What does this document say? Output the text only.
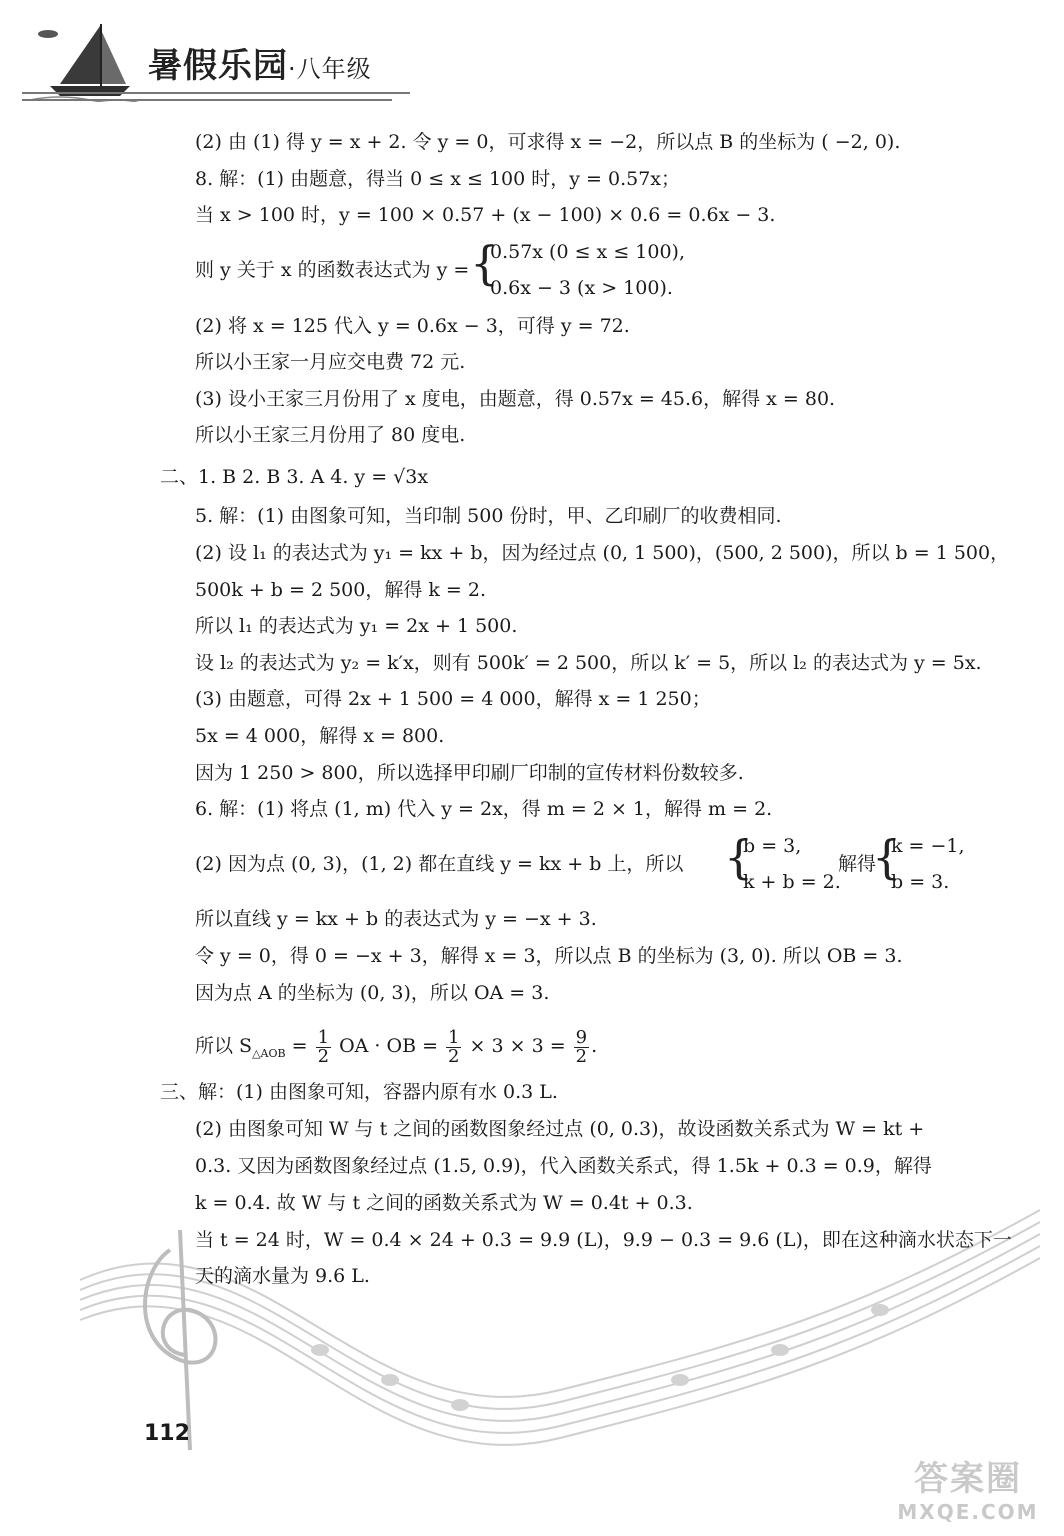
暑假乐园·八年级
(2) 由 (1) 得 y = x + 2. 令 y = 0，可求得 x = −2，所以点 B 的坐标为 ( −2, 0).
8. 解：(1) 由题意，得当 0 ≤ x ≤ 100 时，y = 0.57x；
当 x > 100 时，y = 100 × 0.57 + (x − 100) × 0.6 = 0.6x − 3.
则 y 关于 x 的函数表达式为 y = {
0.57x (0 ≤ x ≤ 100),
0.6x − 3 (x > 100).
(2) 将 x = 125 代入 y = 0.6x − 3，可得 y = 72.
所以小王家一月应交电费 72 元.
(3) 设小王家三月份用了 x 度电，由题意，得 0.57x = 45.6，解得 x = 80.
所以小王家三月份用了 80 度电.
二、1. B 2. B 3. A 4. y = √3x
5. 解：(1) 由图象可知，当印制 500 份时，甲、乙印刷厂的收费相同.
(2) 设 l₁ 的表达式为 y₁ = kx + b，因为经过点 (0, 1 500)，(500, 2 500)，所以 b = 1 500，
500k + b = 2 500，解得 k = 2.
所以 l₁ 的表达式为 y₁ = 2x + 1 500.
设 l₂ 的表达式为 y₂ = k′x，则有 500k′ = 2 500，所以 k′ = 5，所以 l₂ 的表达式为 y = 5x.
(3) 由题意，可得 2x + 1 500 = 4 000，解得 x = 1 250；
5x = 4 000，解得 x = 800.
因为 1 250 > 800，所以选择甲印刷厂印制的宣传材料份数较多.
6. 解：(1) 将点 (1, m) 代入 y = 2x，得 m = 2 × 1，解得 m = 2.
(2) 因为点 (0, 3)，(1, 2) 都在直线 y = kx + b 上，所以 {
b = 3,
k + b = 2.
解得
{
k = −1,
b = 3.
所以直线 y = kx + b 的表达式为 y = −x + 3.
令 y = 0，得 0 = −x + 3，解得 x = 3，所以点 B 的坐标为 (3, 0). 所以 OB = 3.
因为点 A 的坐标为 (0, 3)，所以 OA = 3.
所以 $S_{\triangle AOB} = \frac{1}{2}$ OA · OB = $\frac{1}{2} \times 3 \times 3 = \frac{9}{2}$ .
三、解：(1) 由图象可知，容器内原有水 0.3 L.
(2) 由图象可知 W 与 t 之间的函数图象经过点 (0, 0.3)，故设函数关系式为 W = kt +
0.3. 又因为函数图象经过点 (1.5, 0.9)，代入函数关系式，得 1.5k + 0.3 = 0.9，解得
k = 0.4. 故 W 与 t 之间的函数关系式为 W = 0.4t + 0.3.
当 t = 24 时，W = 0.4 × 24 + 0.3 = 9.9 (L)，9.9 − 0.3 = 9.6 (L)，即在这种滴水状态下一
天的滴水量为 9.6 L.
112
答案圈
MXQE.COM
